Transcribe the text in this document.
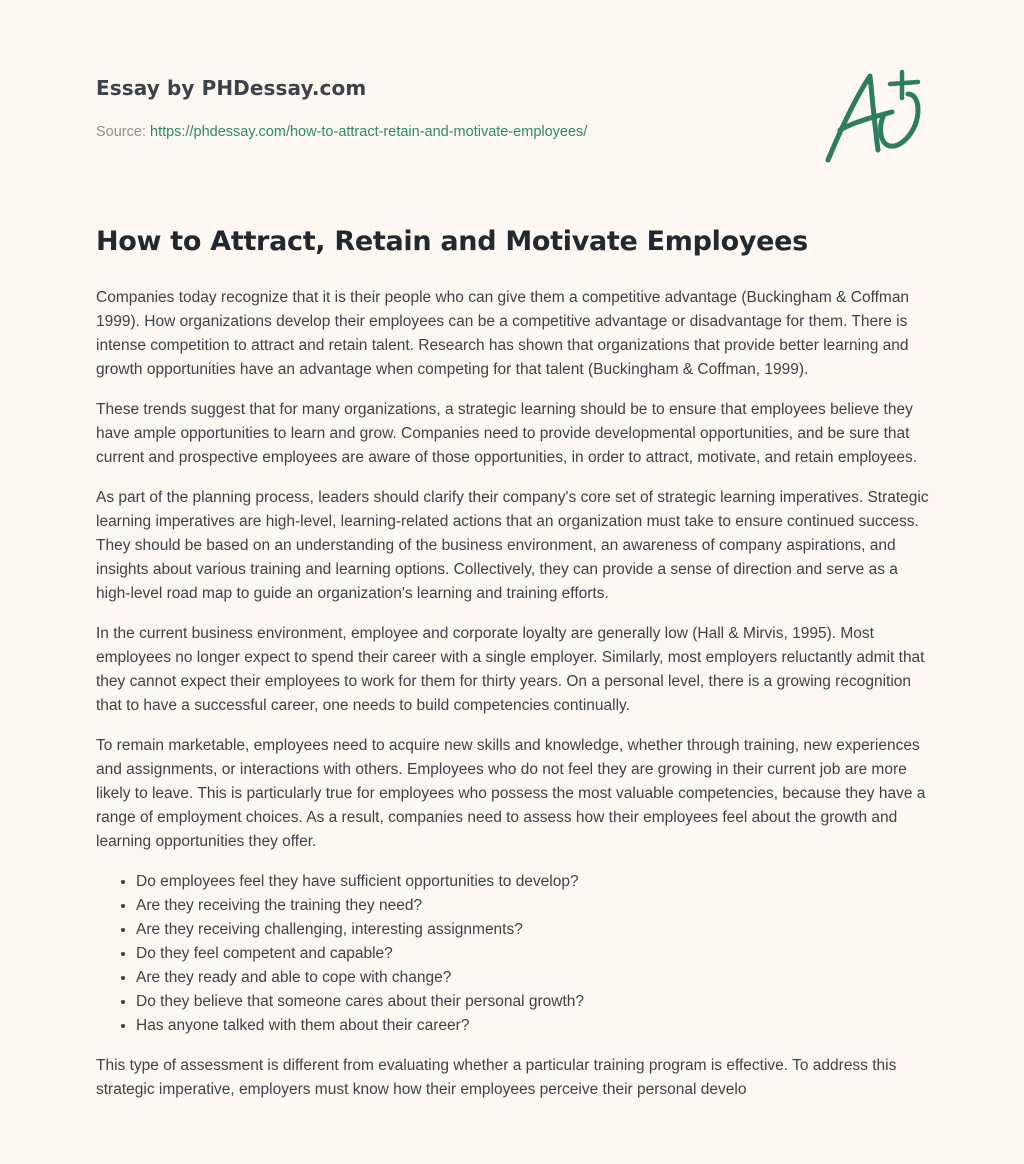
Essay by PHDessay.com
Source: https://phdessay.com/how-to-attract-retain-and-motivate-employees/
How to Attract, Retain and Motivate Employees

Companies today recognize that it is their people who can give them a competitive advantage (Buckingham & Coffman 1999). How organizations develop their employees can be a competitive advantage or disadvantage for them. There is intense competition to attract and retain talent. Research has shown that organizations that provide better learning and growth opportunities have an advantage when competing for that talent (Buckingham & Coffman, 1999).

These trends suggest that for many organizations, a strategic learning should be to ensure that employees believe they have ample opportunities to learn and grow. Companies need to provide developmental opportunities, and be sure that current and prospective employees are aware of those opportunities, in order to attract, motivate, and retain employees.

As part of the planning process, leaders should clarify their company's core set of strategic learning imperatives. Strategic learning imperatives are high-level, learning-related actions that an organization must take to ensure continued success. They should be based on an understanding of the business environment, an awareness of company aspirations, and insights about various training and learning options. Collectively, they can provide a sense of direction and serve as a high-level road map to guide an organization's learning and training efforts.

In the current business environment, employee and corporate loyalty are generally low (Hall & Mirvis, 1995). Most employees no longer expect to spend their career with a single employer. Similarly, most employers reluctantly admit that they cannot expect their employees to work for them for thirty years. On a personal level, there is a growing recognition that to have a successful career, one needs to build competencies continually.

To remain marketable, employees need to acquire new skills and knowledge, whether through training, new experiences and assignments, or interactions with others. Employees who do not feel they are growing in their current job are more likely to leave. This is particularly true for employees who possess the most valuable competencies, because they have a range of employment choices. As a result, companies need to assess how their employees feel about the growth and learning opportunities they offer.

• Do employees feel they have sufficient opportunities to develop?
• Are they receiving the training they need?
• Are they receiving challenging, interesting assignments?
• Do they feel competent and capable?
• Are they ready and able to cope with change?
• Do they believe that someone cares about their personal growth?
• Has anyone talked with them about their career?

This type of assessment is different from evaluating whether a particular training program is effective. To address this strategic imperative, employers must know how their employees perceive their personal develo
